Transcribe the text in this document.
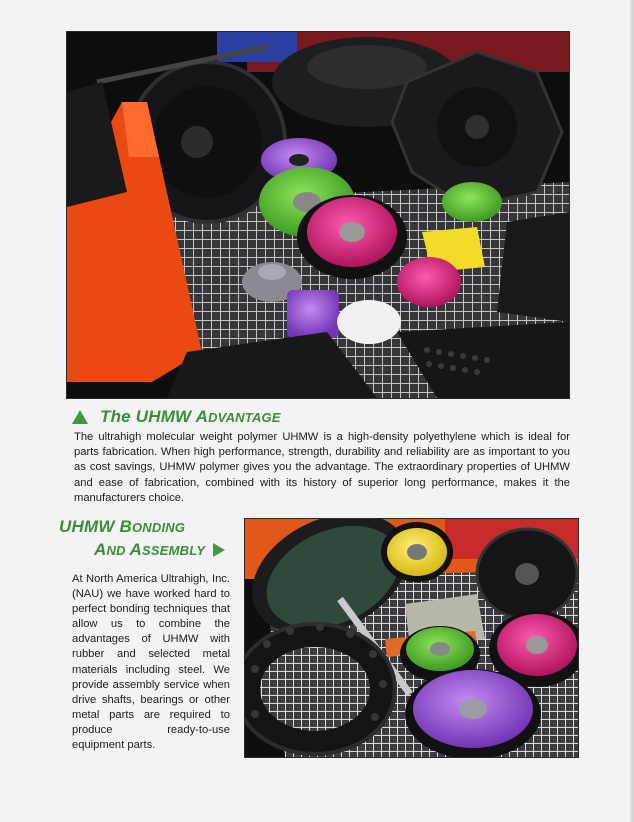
The UHMW ADVANTAGE
The ultrahigh molecular weight polymer UHMW is a high-density polyethylene which is ideal for parts fabrication. When high performance, strength, durability and reliability are as important to you as cost savings, UHMW polymer gives you the advantage. The extraordinary properties of UHMW and ease of fabrication, combined with its history of superior long performance, makes it the manufacturers choice.
UHMW BONDING
AND ASSEMBLY
At North America Ultrahigh, Inc. (NAU) we have worked hard to perfect bonding techniques that allow us to combine the advantages of UHMW with rubber and selected metal materials including steel. We provide assembly service when drive shafts, bearings or other metal parts are required to produce ready-to-use equipment parts.
